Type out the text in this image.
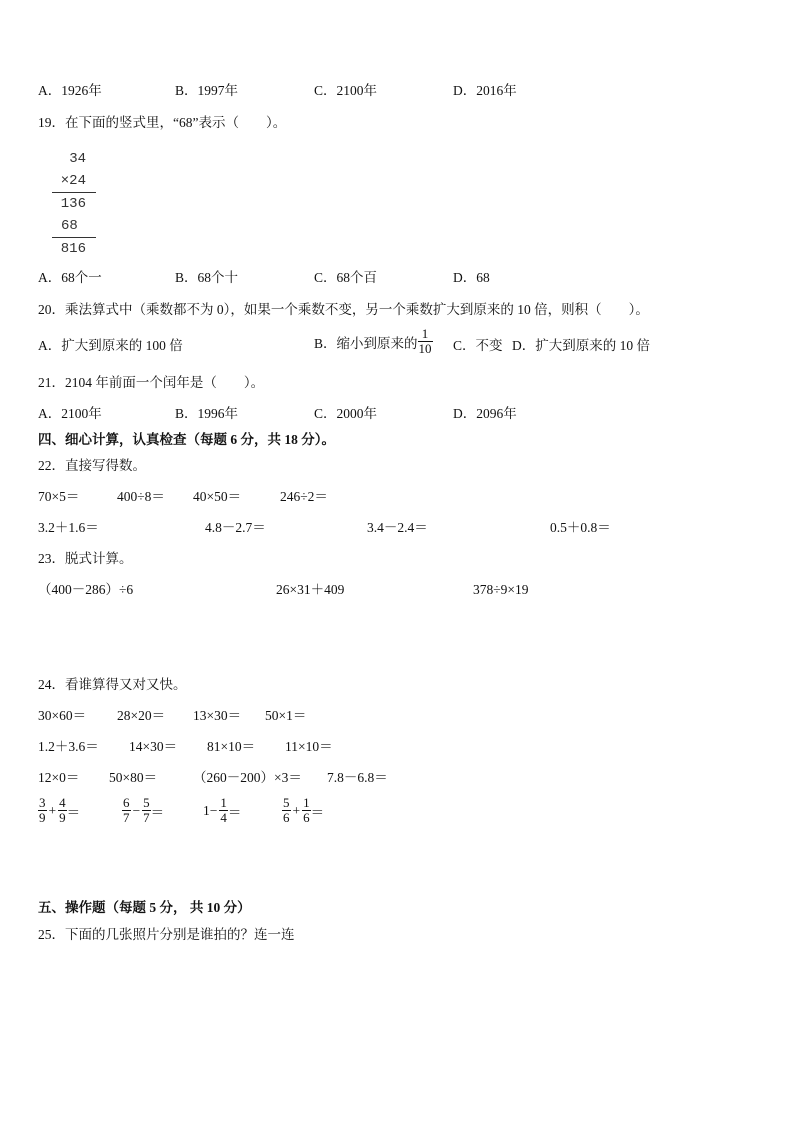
A．1926年	B．1997年	C．2100年	D．2016年
19．在下面的竖式里，“68”表示（　　）。
34
×24
136
68
816
A．68个一	B．68个十	C．68个百	D．68
20．乘法算式中（乘数都不为 0），如果一个乘数不变，另一个乘数扩大到原来的 10 倍，则积（　　）。
A．扩大到原来的 100 倍	B．缩小到原来的 $\frac{1}{10}$ C．不变 D．扩大到原来的 10 倍
21．2104 年前面一个闰年是（　　）。
A．2100年	B．1996年	C．2000年	D．2096年
四、细心计算，认真检查（每题 6 分，共 18 分）。
22．直接写得数。
70×5＝	400÷8＝ 40×50＝	246÷2＝
3.2＋1.6＝	4.8－2.7＝	3.4－2.4＝	0.5＋0.8＝
23．脱式计算。
（400－286）÷6	26×31＋409	378÷9×19
24．看谁算得又对又快。
30×60＝ 28×20＝ 13×30＝ 50×1＝
1.2＋3.6＝ 14×30＝ 81×10＝ 11×10＝
12×0＝ 50×80＝	（260－200）×3＝ 7.8－6.8＝
$\frac{3}{9} + \frac{4}{9}$ ＝	$\frac{6}{7} - \frac{5}{7}$ ＝	$1- \frac{1}{4}$ ＝	$\frac{5}{6} + \frac{1}{6}$ ＝
五、操作题（每题 5 分， 共 10 分）
25．下面的几张照片分别是谁拍的？连一连
